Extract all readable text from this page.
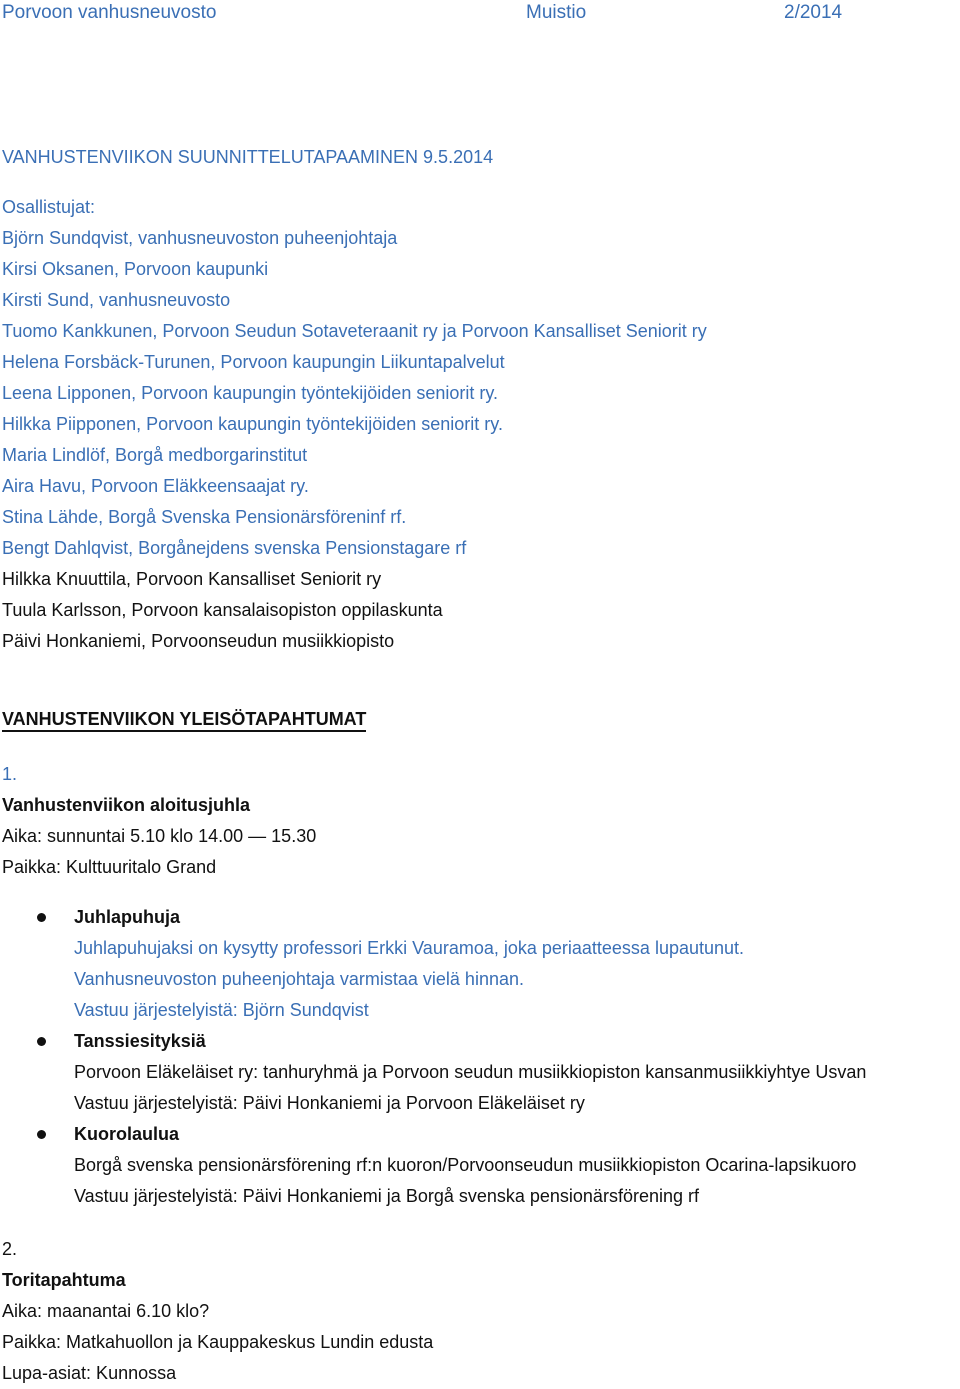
Porvoon vanhusneuvosto	Muistio	2/2014
VANHUSTENVIIKON SUUNNITTELUTAPAAMINEN 9.5.2014
Osallistujat:
Björn Sundqvist, vanhusneuvoston puheenjohtaja
Kirsi Oksanen, Porvoon kaupunki
Kirsti Sund, vanhusneuvosto
Tuomo Kankkunen, Porvoon Seudun Sotaveteraanit ry ja Porvoon Kansalliset Seniorit ry
Helena Forsbäck-Turunen, Porvoon kaupungin Liikuntapalvelut
Leena Lipponen, Porvoon kaupungin työntekijöiden seniorit ry.
Hilkka Piipponen, Porvoon kaupungin työntekijöiden seniorit ry.
Maria Lindlöf, Borgå medborgarinstitut
Aira Havu, Porvoon Eläkkeensaajat ry.
Stina Lähde, Borgå Svenska Pensionärsföreninf rf.
Bengt Dahlqvist, Borgånejdens svenska Pensionstagare rf
Hilkka Knuuttila, Porvoon Kansalliset Seniorit ry
Tuula Karlsson, Porvoon kansalaisopiston oppilaskunta
Päivi Honkaniemi, Porvoonseudun musiikkiopisto
VANHUSTENVIIKON YLEISÖTAPAHTUMAT
1.
Vanhustenviikon aloitusjuhla
Aika: sunnuntai 5.10 klo 14.00 — 15.30
Paikka: Kulttuuritalo Grand
Juhlapuhuja
Juhlapuhujaksi on kysytty professori Erkki Vauramoa, joka periaatteessa lupautunut.
Vanhusneuvoston puheenjohtaja varmistaa vielä hinnan.
Vastuu järjestelyistä: Björn Sundqvist
Tanssiesityksiä
Porvoon Eläkeläiset ry: tanhuryhmä ja Porvoon seudun musiikkiopiston kansanmusiikkiyhtye Usvan
Vastuu järjestelyistä: Päivi Honkaniemi ja Porvoon Eläkeläiset ry
Kuorolaulua
Borgå svenska pensionärsförening rf:n kuoron/Porvoonseudun musiikkiopiston Ocarina-lapsikuoro
Vastuu järjestelyistä: Päivi Honkaniemi ja Borgå svenska pensionärsförening rf
2.
Toritapahtuma
Aika: maanantai 6.10 klo?
Paikka: Matkahuollon ja Kauppakeskus Lundin edusta
Lupa-asiat: Kunnossa
